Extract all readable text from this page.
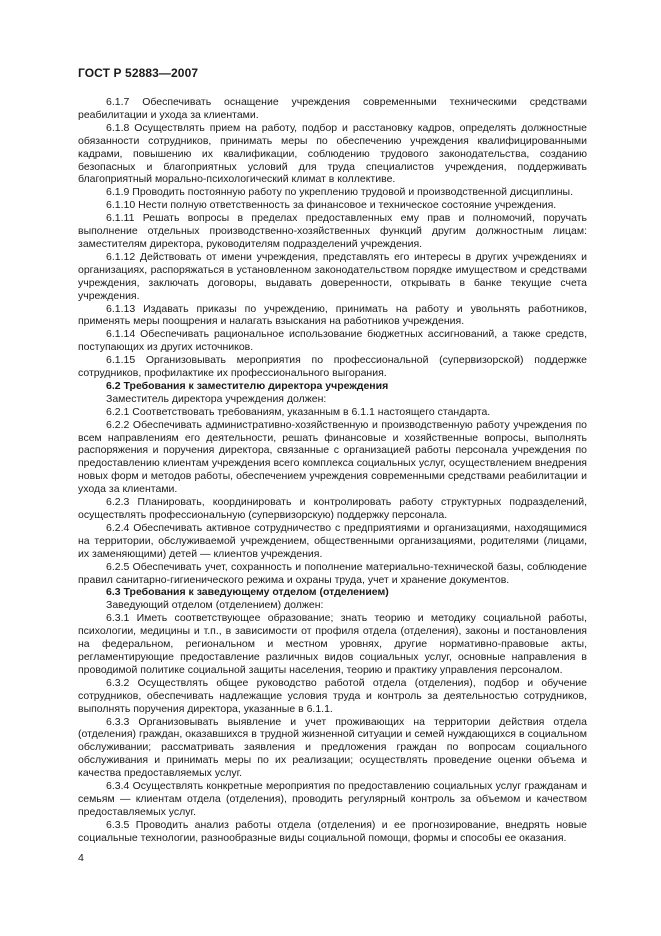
ГОСТ Р 52883—2007

6.1.7 Обеспечивать оснащение учреждения современными техническими средствами реабилитации и ухода за клиентами.

6.1.8 Осуществлять прием на работу, подбор и расстановку кадров, определять должностные обязанности сотрудников, принимать меры по обеспечению учреждения квалифицированными кадрами, повышению их квалификации, соблюдению трудового законодательства, созданию безопасных и благоприятных условий для труда специалистов учреждения, поддерживать благоприятный морально-психологический климат в коллективе.

6.1.9 Проводить постоянную работу по укреплению трудовой и производственной дисциплины.

6.1.10 Нести полную ответственность за финансовое и техническое состояние учреждения.

6.1.11 Решать вопросы в пределах предоставленных ему прав и полномочий, поручать выполнение отдельных производственно-хозяйственных функций другим должностным лицам: заместителям директора, руководителям подразделений учреждения.

6.1.12 Действовать от имени учреждения, представлять его интересы в других учреждениях и организациях, распоряжаться в установленном законодательством порядке имуществом и средствами учреждения, заключать договоры, выдавать доверенности, открывать в банке текущие счета учреждения.

6.1.13 Издавать приказы по учреждению, принимать на работу и увольнять работников, применять меры поощрения и налагать взыскания на работников учреждения.

6.1.14 Обеспечивать рациональное использование бюджетных ассигнований, а также средств, поступающих из других источников.

6.1.15 Организовывать мероприятия по профессиональной (супервизорской) поддержке сотрудников, профилактике их профессионального выгорания.

6.2 Требования к заместителю директора учреждения

Заместитель директора учреждения должен:

6.2.1 Соответствовать требованиям, указанным в 6.1.1 настоящего стандарта.

6.2.2 Обеспечивать административно-хозяйственную и производственную работу учреждения по всем направлениям его деятельности, решать финансовые и хозяйственные вопросы, выполнять распоряжения и поручения директора, связанные с организацией работы персонала учреждения по предоставлению клиентам учреждения всего комплекса социальных услуг, осуществлением внедрения новых форм и методов работы, обеспечением учреждения современными средствами реабилитации и ухода за клиентами.

6.2.3 Планировать, координировать и контролировать работу структурных подразделений, осуществлять профессиональную (супервизорскую) поддержку персонала.

6.2.4 Обеспечивать активное сотрудничество с предприятиями и организациями, находящимися на территории, обслуживаемой учреждением, общественными организациями, родителями (лицами, их заменяющими) детей — клиентов учреждения.

6.2.5 Обеспечивать учет, сохранность и пополнение материально-технической базы, соблюдение правил санитарно-гигиенического режима и охраны труда, учет и хранение документов.

6.3 Требования к заведующему отделом (отделением)

Заведующий отделом (отделением) должен:

6.3.1 Иметь соответствующее образование; знать теорию и методику социальной работы, психологии, медицины и т.п., в зависимости от профиля отдела (отделения), законы и постановления на федеральном, региональном и местном уровнях, другие нормативно-правовые акты, регламентирующие предоставление различных видов социальных услуг, основные направления в проводимой политике социальной защиты населения, теорию и практику управления персоналом.

6.3.2 Осуществлять общее руководство работой отдела (отделения), подбор и обучение сотрудников, обеспечивать надлежащие условия труда и контроль за деятельностью сотрудников, выполнять поручения директора, указанные в 6.1.1.

6.3.3 Организовывать выявление и учет проживающих на территории действия отдела (отделения) граждан, оказавшихся в трудной жизненной ситуации и семей нуждающихся в социальном обслуживании; рассматривать заявления и предложения граждан по вопросам социального обслуживания и принимать меры по их реализации; осуществлять проведение оценки объема и качества предоставляемых услуг.

6.3.4 Осуществлять конкретные мероприятия по предоставлению социальных услуг гражданам и семьям — клиентам отдела (отделения), проводить регулярный контроль за объемом и качеством предоставляемых услуг.

6.3.5 Проводить анализ работы отдела (отделения) и ее прогнозирование, внедрять новые социальные технологии, разнообразные виды социальной помощи, формы и способы ее оказания.

4
